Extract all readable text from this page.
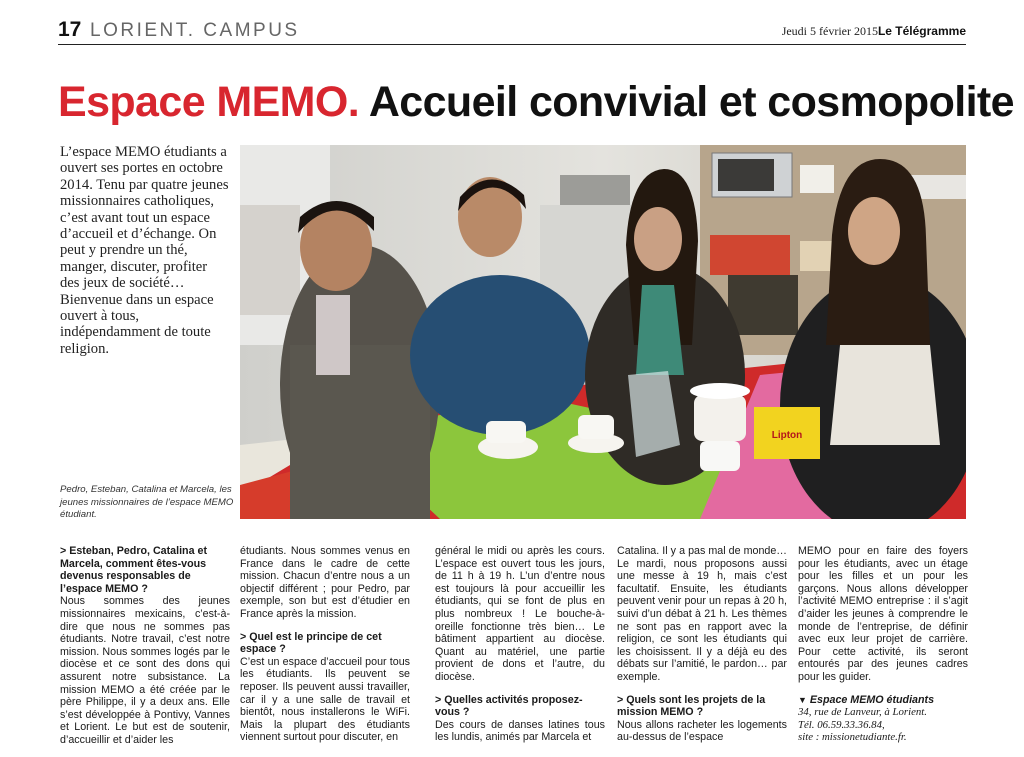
17 LORIENT. CAMPUS	Jeudi 5 février 2015 Le Télégramme
Espace MEMO. Accueil convivial et cosmopolite

L’espace MEMO étudiants a ouvert ses portes en octobre 2014. Tenu par quatre jeunes missionnaires catholiques, c’est avant tout un espace d’accueil et d’échange. On peut y prendre un thé, manger, discuter, profiter des jeux de société… Bienvenue dans un espace ouvert à tous, indépendamment de toute religion.

Pedro, Esteban, Catalina et Marcela, les jeunes missionnaires de l’espace MEMO étudiant.
Lipton

> Esteban, Pedro, Catalina et Marcela, comment êtes-vous devenus responsables de l’espace MEMO ?

Nous sommes des jeunes missionnaires mexicains, c’est-à-dire que nous ne sommes pas étudiants. Notre travail, c’est notre mission. Nous sommes logés par le diocèse et ce sont des dons qui assurent notre subsistance. La mission MEMO a été créée par le père Philippe, il y a deux ans. Elle s’est développée à Pontivy, Vannes et Lorient. Le but est de soutenir, d’accueillir et d’aider les

étudiants. Nous sommes venus en France dans le cadre de cette mission. Chacun d’entre nous a un objectif différent ; pour Pedro, par exemple, son but est d’étudier en France après la mission.

> Quel est le principe de cet espace ?

C’est un espace d’accueil pour tous les étudiants. Ils peuvent se reposer. Ils peuvent aussi travailler, car il y a une salle de travail et bientôt, nous installerons le WiFi. Mais la plupart des étudiants viennent surtout pour discuter, en

général le midi ou après les cours. L’espace est ouvert tous les jours, de 11 h à 19 h. L’un d’entre nous est toujours là pour accueillir les étudiants, qui se font de plus en plus nombreux ! Le bouche-à-oreille fonctionne très bien… Le bâtiment appartient au diocèse. Quant au matériel, une partie provient de dons et l’autre, du diocèse.

> Quelles activités proposez-vous ?

Des cours de danses latines tous les lundis, animés par Marcela et

Catalina. Il y a pas mal de monde… Le mardi, nous proposons aussi une messe à 19 h, mais c’est facultatif. Ensuite, les étudiants peuvent venir pour un repas à 20 h, suivi d’un débat à 21 h. Les thèmes ne sont pas en rapport avec la religion, ce sont les étudiants qui les choisissent. Il y a déjà eu des débats sur l’amitié, le pardon… par exemple.

> Quels sont les projets de la mission MEMO ?

Nous allons racheter les logements au-dessus de l’espace

MEMO pour en faire des foyers pour les étudiants, avec un étage pour les filles et un pour les garçons. Nous allons développer l’activité MEMO entreprise : il s’agit d’aider les jeunes à comprendre le monde de l’entreprise, de définir avec eux leur projet de carrière. Pour cette activité, ils seront entourés par des jeunes cadres pour les guider.

▼ Espace MEMO étudiants

34, rue de Lanveur, à Lorient.

Tél. 06.59.33.36.84,

site : missionetudiante.fr.
